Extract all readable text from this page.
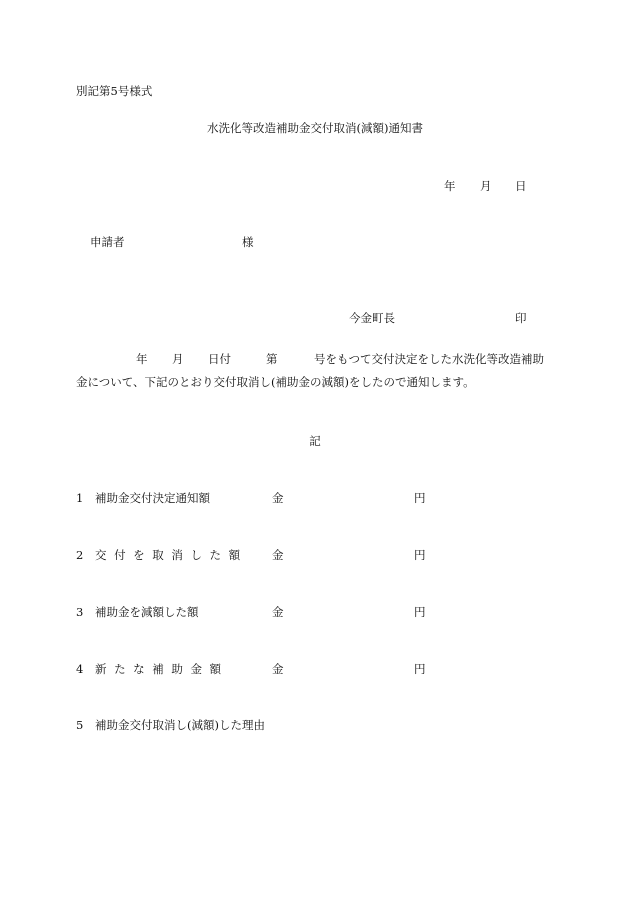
別記第5号様式
水洗化等改造補助金交付取消(減額)通知書
年 月 日
申請者	様
今金町長	印
年 月 日付	第	号をもつて交付決定をした水洗化等改造補助
金について、下記のとおり交付取消し(補助金の減額)をしたので通知します。
記
1 補助金交付決定通知額	金	円
2 交付を取消した額 金	円
3 補助金を減額した額	金	円
4 新たな補助金額	金	円
5 補助金交付取消し(減額)した理由
